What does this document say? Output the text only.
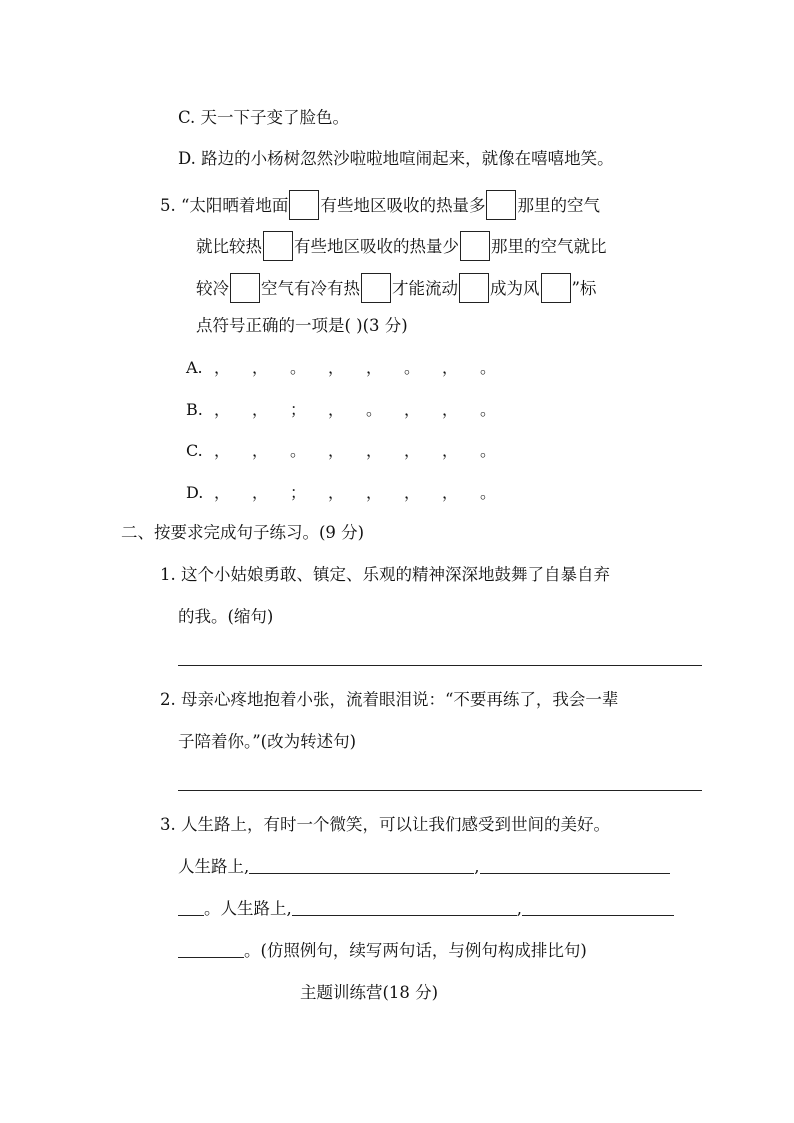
C. 天一下子变了脸色。
D. 路边的小杨树忽然沙啦啦地喧闹起来，就像在嘻嘻地笑。
5. “太阳晒着地面 有些地区吸收的热量多 那里的空气
就比较热 有些地区吸收的热量少 那里的空气就比
较冷 空气有冷有热 才能流动 成为风 ”标
点符号正确的一项是( )(3 分)
A. ， ， 。 ， ， 。 ， 。
B. ， ， ； ， 。 ， ， 。
C. ， ， 。 ， ， ， ， 。
D. ， ， ； ， ， ， ， 。
二、按要求完成句子练习。(9 分)
1. 这个小姑娘勇敢、镇定、乐观的精神深深地鼓舞了自暴自弃
的我。(缩句)
2. 母亲心疼地抱着小张，流着眼泪说：“不要再练了，我会一辈
子陪着你。”(改为转述句)
3. 人生路上，有时一个微笑，可以让我们感受到世间的美好。
人生路上,	,
。人生路上,	,
。(仿照例句，续写两句话，与例句构成排比句)
主题训练营(18 分)
